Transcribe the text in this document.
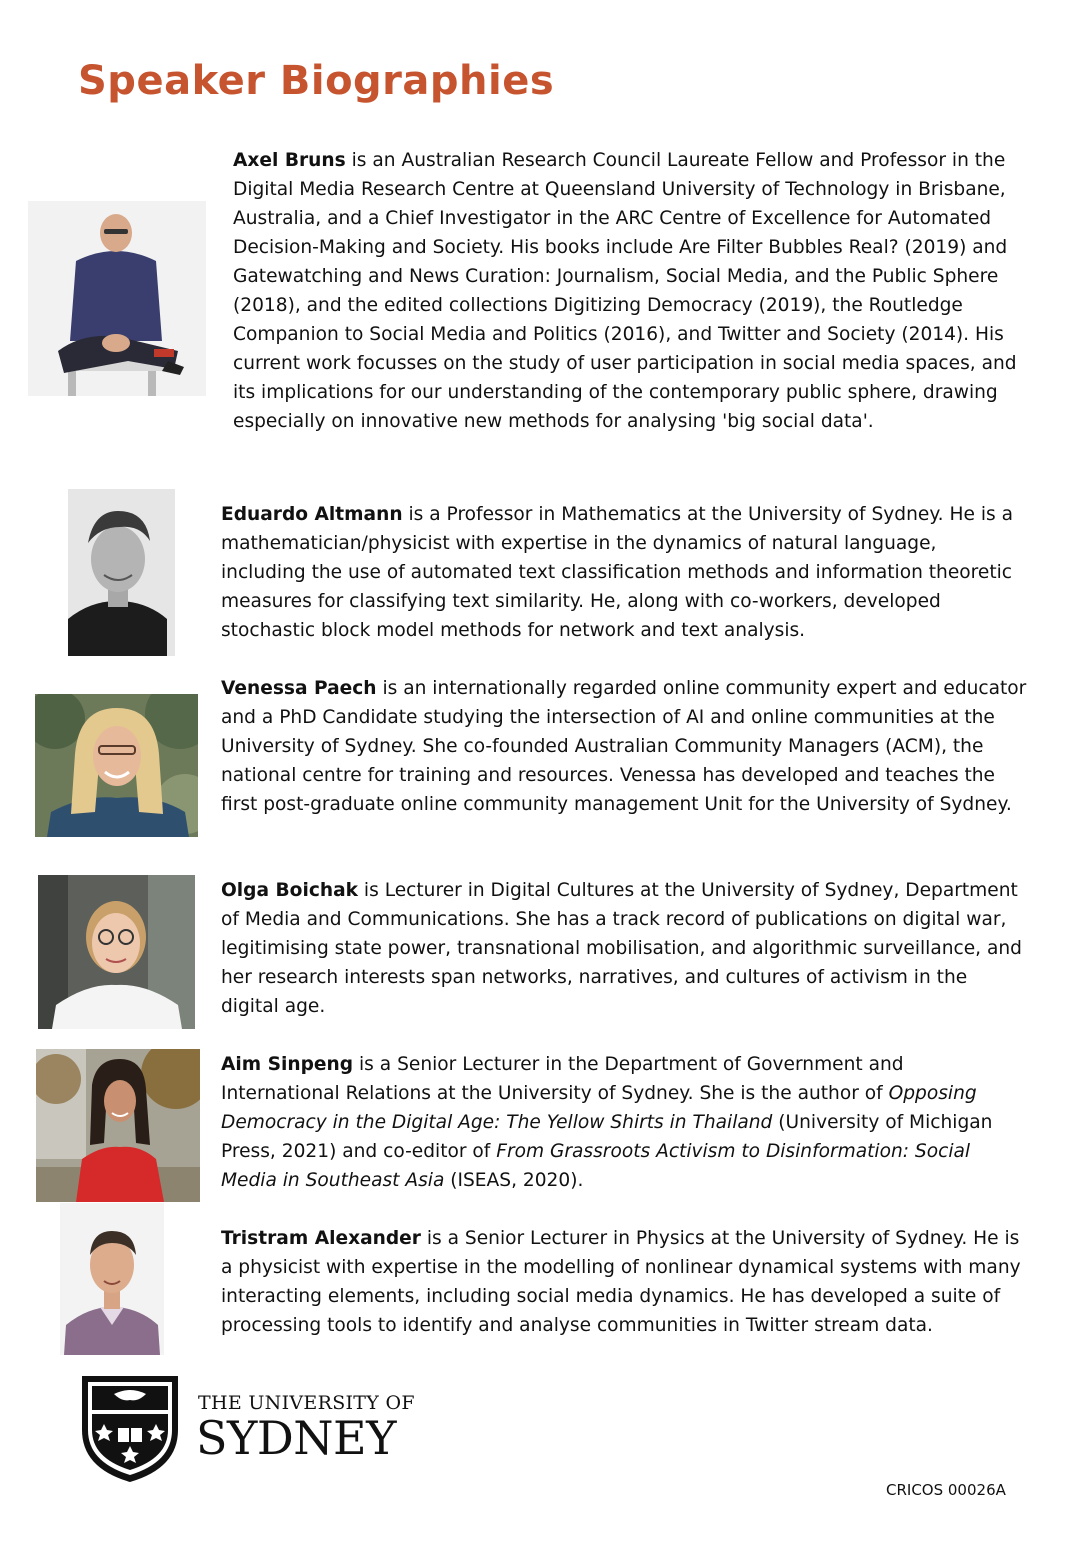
Speaker Biographies

Axel Bruns is an Australian Research Council Laureate Fellow and Professor in the Digital Media Research Centre at Queensland University of Technology in Brisbane, Australia, and a Chief Investigator in the ARC Centre of Excellence for Automated Decision-Making and Society. His books include Are Filter Bubbles Real? (2019) and Gatewatching and News Curation: Journalism, Social Media, and the Public Sphere (2018), and the edited collections Digitizing Democracy (2019), the Routledge Companion to Social Media and Politics (2016), and Twitter and Society (2014). His current work focusses on the study of user participation in social media spaces, and its implications for our understanding of the contemporary public sphere, drawing especially on innovative new methods for analysing 'big social data'.

Eduardo Altmann is a Professor in Mathematics at the University of Sydney. He is a mathematician/physicist with expertise in the dynamics of natural language, including the use of automated text classification methods and information theoretic measures for classifying text similarity. He, along with co-workers, developed stochastic block model methods for network and text analysis.

Venessa Paech is an internationally regarded online community expert and educator and a PhD Candidate studying the intersection of AI and online communities at the University of Sydney. She co-founded Australian Community Managers (ACM), the national centre for training and resources. Venessa has developed and teaches the first post-graduate online community management Unit for the University of Sydney.

Olga Boichak is Lecturer in Digital Cultures at the University of Sydney, Department of Media and Communications. She has a track record of publications on digital war, legitimising state power, transnational mobilisation, and algorithmic surveillance, and her research interests span networks, narratives, and cultures of activism in the digital age.

Aim Sinpeng is a Senior Lecturer in the Department of Government and International Relations at the University of Sydney. She is the author of Opposing Democracy in the Digital Age: The Yellow Shirts in Thailand (University of Michigan Press, 2021) and co-editor of From Grassroots Activism to Disinformation: Social Media in Southeast Asia (ISEAS, 2020).

Tristram Alexander is a Senior Lecturer in Physics at the University of Sydney. He is a physicist with expertise in the modelling of nonlinear dynamical systems with many interacting elements, including social media dynamics. He has developed a suite of processing tools to identify and analyse communities in Twitter stream data.

THE UNIVERSITY OF
SYDNEY
CRICOS 00026A
